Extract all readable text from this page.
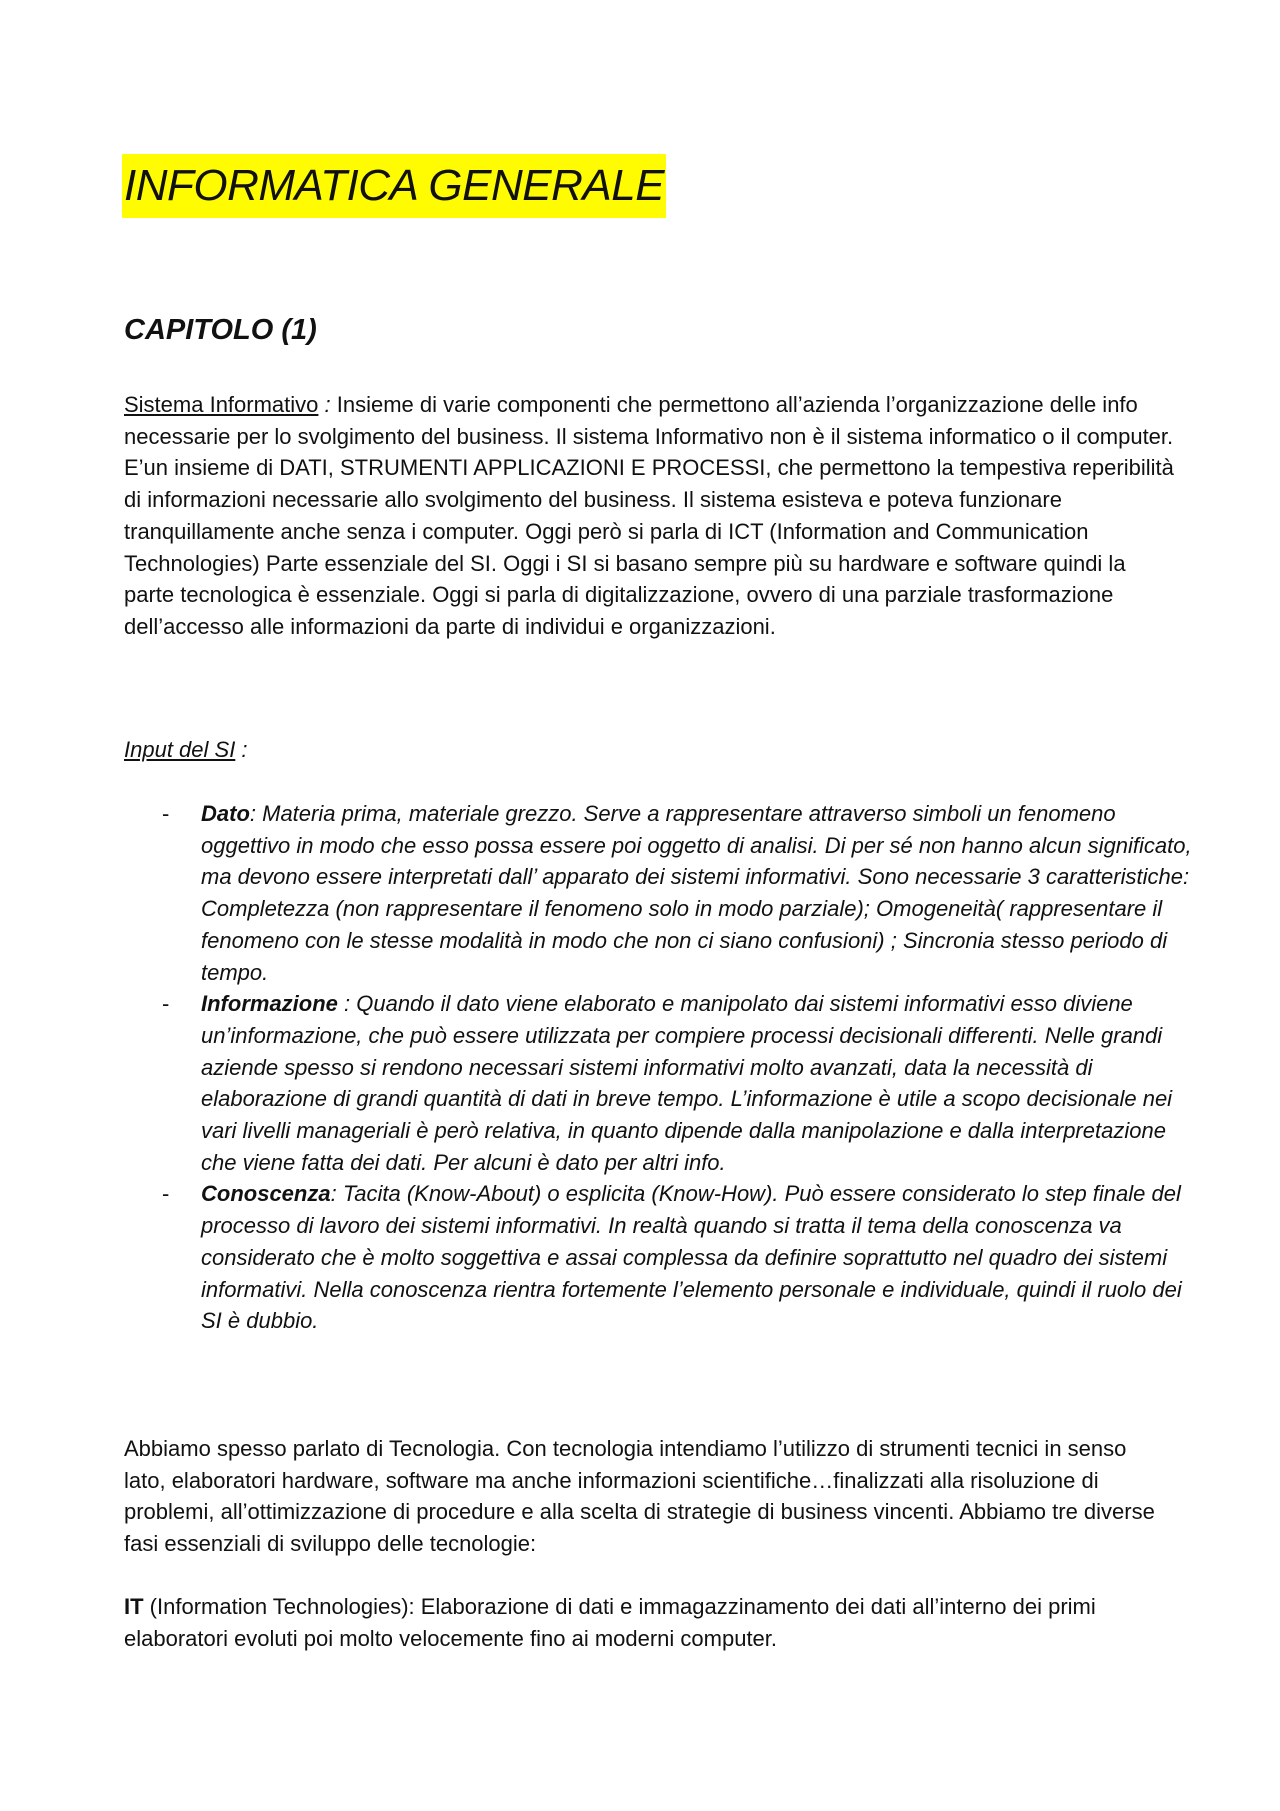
INFORMATICA GENERALE
CAPITOLO (1)

Sistema Informativo : Insieme di varie componenti che permettono all’azienda l’organizzazione delle info necessarie per lo svolgimento del business. Il sistema Informativo non è il sistema informatico o il computer. E’un insieme di DATI, STRUMENTI APPLICAZIONI E PROCESSI, che permettono la tempestiva reperibilità di informazioni necessarie allo svolgimento del business. Il sistema esisteva e poteva funzionare tranquillamente anche senza i computer. Oggi però si parla di ICT (Information and Communication Technologies) Parte essenziale del SI. Oggi i SI si basano sempre più su hardware e software quindi la parte tecnologica è essenziale. Oggi si parla di digitalizzazione, ovvero di una parziale trasformazione dell’accesso alle informazioni da parte di individui e organizzazioni.

Input del SI :

- Dato: Materia prima, materiale grezzo. Serve a rappresentare attraverso simboli un fenomeno oggettivo in modo che esso possa essere poi oggetto di analisi. Di per sé non hanno alcun significato, ma devono essere interpretati dall’ apparato dei sistemi informativi. Sono necessarie 3 caratteristiche: Completezza (non rappresentare il fenomeno solo in modo parziale); Omogeneità( rappresentare il fenomeno con le stesse modalità in modo che non ci siano confusioni) ; Sincronia stesso periodo di tempo.
- Informazione : Quando il dato viene elaborato e manipolato dai sistemi informativi esso diviene un’informazione, che può essere utilizzata per compiere processi decisionali differenti. Nelle grandi aziende spesso si rendono necessari sistemi informativi molto avanzati, data la necessità di elaborazione di grandi quantità di dati in breve tempo. L’informazione è utile a scopo decisionale nei vari livelli manageriali è però relativa, in quanto dipende dalla manipolazione e dalla interpretazione che viene fatta dei dati. Per alcuni è dato per altri info.
- Conoscenza: Tacita (Know-About) o esplicita (Know-How). Può essere considerato lo step finale del processo di lavoro dei sistemi informativi. In realtà quando si tratta il tema della conoscenza va considerato che è molto soggettiva e assai complessa da definire soprattutto nel quadro dei sistemi informativi. Nella conoscenza rientra fortemente l’elemento personale e individuale, quindi il ruolo dei SI è dubbio.

Abbiamo spesso parlato di Tecnologia. Con tecnologia intendiamo l’utilizzo di strumenti tecnici in senso lato, elaboratori hardware, software ma anche informazioni scientifiche…finalizzati alla risoluzione di problemi, all’ottimizzazione di procedure e alla scelta di strategie di business vincenti. Abbiamo tre diverse fasi essenziali di sviluppo delle tecnologie:

IT (Information Technologies): Elaborazione di dati e immagazzinamento dei dati all’interno dei primi elaboratori evoluti poi molto velocemente fino ai moderni computer.
